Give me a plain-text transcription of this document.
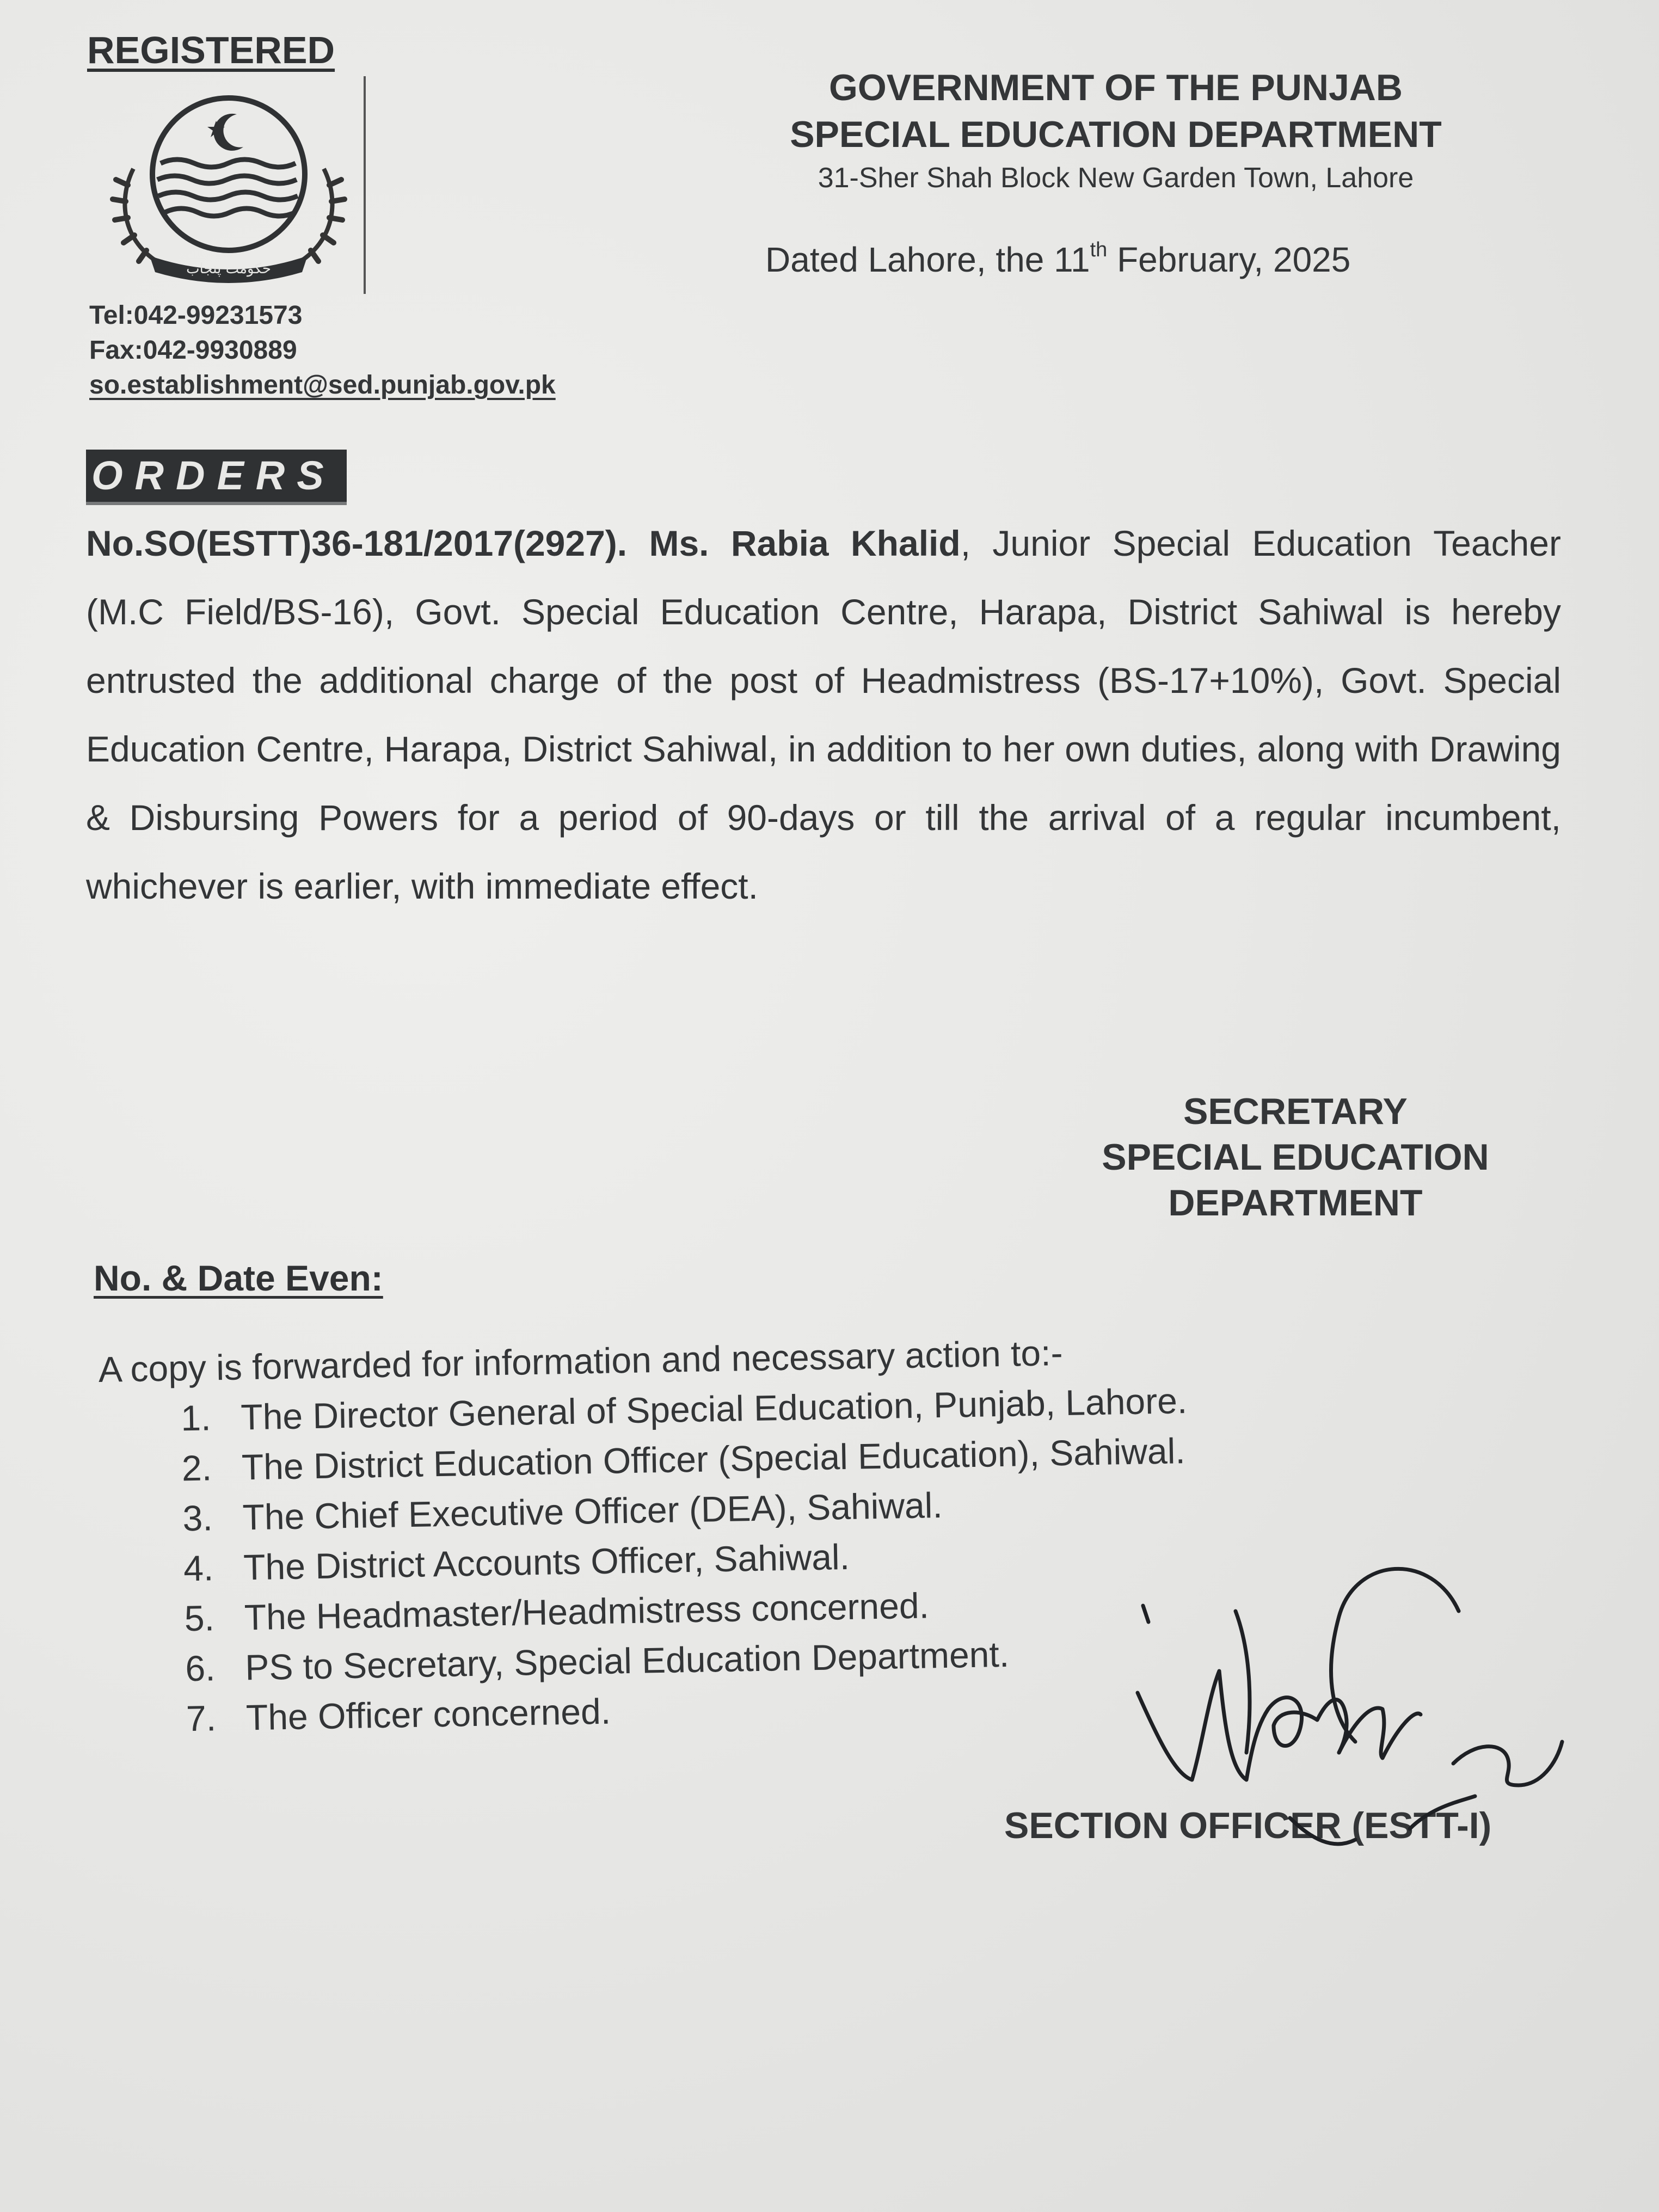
REGISTERED
حکومت پنجاب
Tel:042-99231573
Fax:042-9930889
so.establishment@sed.punjab.gov.pk
GOVERNMENT OF THE PUNJAB
SPECIAL EDUCATION DEPARTMENT
31-Sher Shah Block New Garden Town, Lahore
Dated Lahore, the 11th February, 2025
ORDERS
No.SO(ESTT)36-181/2017(2927). Ms. Rabia Khalid, Junior Special Education Teacher (M.C Field/BS-16), Govt. Special Education Centre, Harapa, District Sahiwal is hereby entrusted the additional charge of the post of Headmistress (BS-17+10%), Govt. Special Education Centre, Harapa, District Sahiwal, in addition to her own duties, along with Drawing & Disbursing Powers for a period of 90-days or till the arrival of a regular incumbent, whichever is earlier, with immediate effect.
SECRETARY
SPECIAL EDUCATION
DEPARTMENT
No. & Date Even:
A copy is forwarded for information and necessary action to:-
1. The Director General of Special Education, Punjab, Lahore.
2. The District Education Officer (Special Education), Sahiwal.
3. The Chief Executive Officer (DEA), Sahiwal.
4. The District Accounts Officer, Sahiwal.
5. The Headmaster/Headmistress concerned.
6. PS to Secretary, Special Education Department.
7. The Officer concerned.
SECTION OFFICER (ESTT-I)
